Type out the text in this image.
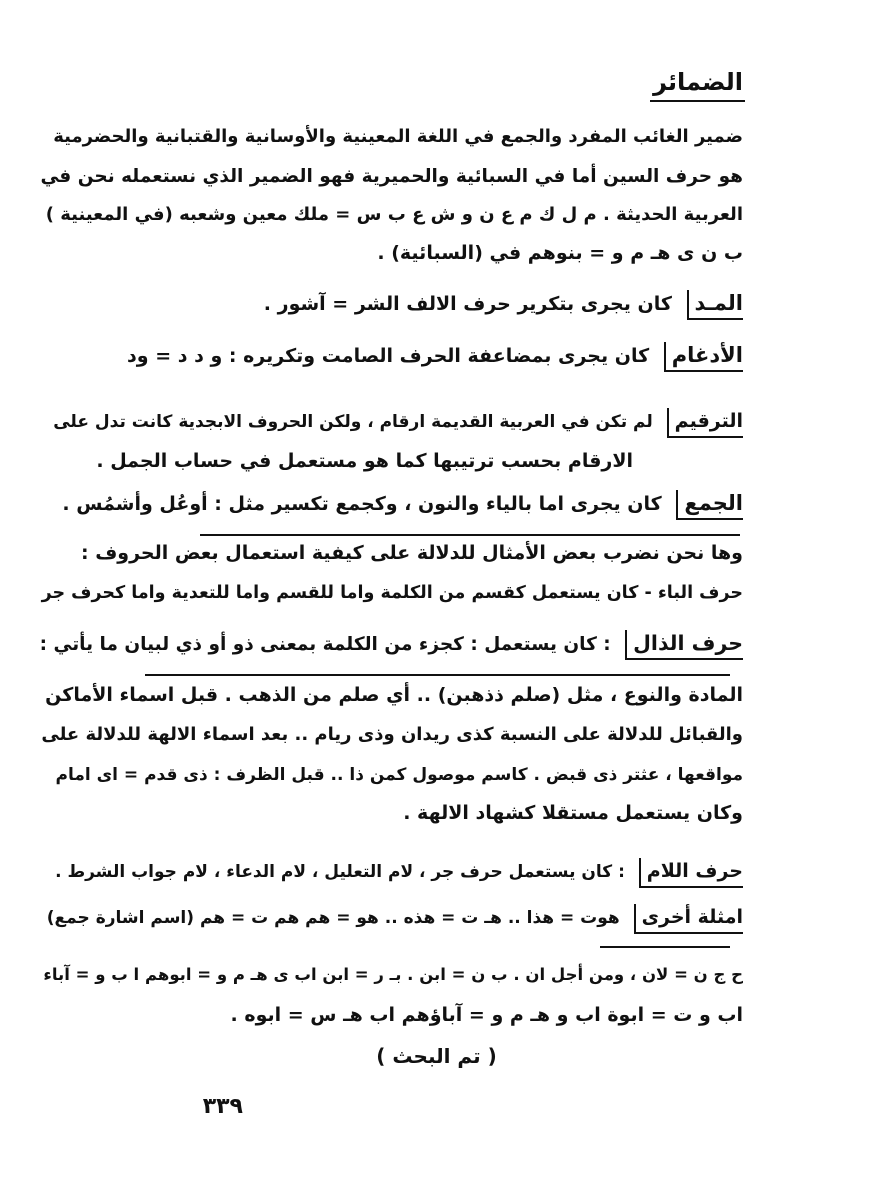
الضمائر
ضمير الغائب المفرد والجمع في اللغة المعينية والأوسانية والقتبانية والحضرمية
هو حرف السين أما في السبائية والحميرية فهو الضمير الذي نستعمله نحن في
العربية الحديثة . م ل ك م ع ن و ش ع ب س = ملك معين وشعبه (في المعينية )
ب ن ى هـ م و = بنوهم في (السبائية) .
المـد كان يجرى بتكرير حرف الالف الشر = آشور .
الأدغام كان يجرى بمضاعفة الحرف الصامت وتكريره : و د د = ود
الترقيم لم تكن في العربية القديمة ارقام ، ولكن الحروف الابجدية كانت تدل على
الارقام بحسب ترتيبها كما هو مستعمل في حساب الجمل .
الجمع كان يجرى اما بالياء والنون ، وكجمع تكسير مثل : أوعُل وأشمُس .
وها نحن نضرب بعض الأمثال للدلالة على كيفية استعمال بعض الحروف :
حرف الباء - كان يستعمل كقسم من الكلمة واما للقسم واما للتعدية واما كحرف جر
حرف الذال : كان يستعمل : كجزء من الكلمة بمعنى ذو أو ذي لبيان ما يأتي :
المادة والنوع ، مثل (صلم ذذهبن) .. أي صلم من الذهب . قبل اسماء الأماكن
والقبائل للدلالة على النسبة كذى ريدان وذى ريام .. بعد اسماء الالهة للدلالة على
مواقعها ، عثتر ذى قبض . كاسم موصول كمن ذا .. قبل الظرف : ذى قدم = اى امام
وكان يستعمل مستقلا كشهاد الالهة .
حرف اللام : كان يستعمل حرف جر ، لام التعليل ، لام الدعاء ، لام جواب الشرط .
امثلة أخرى هوت = هذا .. هـ ت = هذه .. هو = هم هم ت = هم (اسم اشارة جمع)
ح ج ن = لان ، ومن أجل ان . ب ن = ابن . بـ ر = ابن اب ى هـ م و = ابوهم ا ب و = آباء
اب و ت = ابوة اب و هـ م و = آباؤهم اب هـ س = ابوه .
( تم البحث )
٣٣٩
